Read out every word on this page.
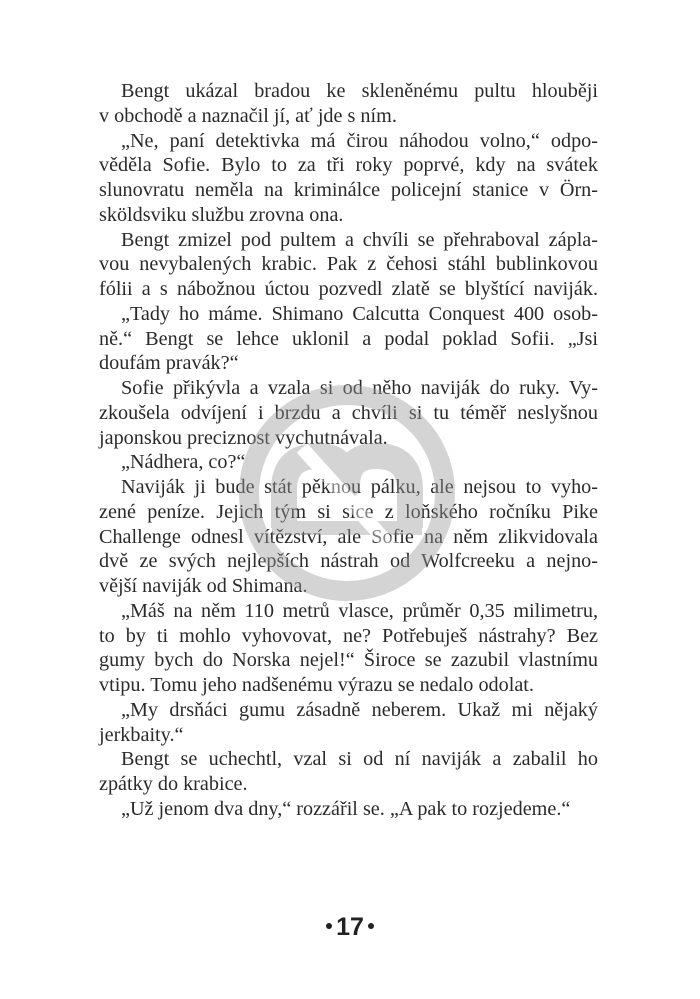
Bengt ukázal bradou ke skleněnému pultu hlouběji
v obchodě a naznačil jí, ať jde s ním.
„Ne, paní detektivka má čirou náhodou volno,“ odpo-
věděla Sofie. Bylo to za tři roky poprvé, kdy na svátek
slunovratu neměla na kriminálce policejní stanice v Örn-
sköldsviku službu zrovna ona.
Bengt zmizel pod pultem a chvíli se přehraboval zápla-
vou nevybalených krabic. Pak z čehosi stáhl bublinkovou
fólii a s nábožnou úctou pozvedl zlatě se blyštící naviják.
„Tady ho máme. Shimano Calcutta Conquest 400 osob-
ně.“ Bengt se lehce uklonil a podal poklad Sofii. „Jsi
doufám pravák?“
Sofie přikývla a vzala si od něho naviják do ruky. Vy-
zkoušela odvíjení i brzdu a chvíli si tu téměř neslyšnou
japonskou preciznost vychutnávala.
„Nádhera, co?“
Naviják ji bude stát pěknou pálku, ale nejsou to vyho-
zené peníze. Jejich tým si sice z loňského ročníku Pike
Challenge odnesl vítězství, ale Sofie na něm zlikvidovala
dvě ze svých nejlepších nástrah od Wolfcreeku a nejno-
vější naviják od Shimana.
„Máš na něm 110 metrů vlasce, průměr 0,35 milimetru,
to by ti mohlo vyhovovat, ne? Potřebuješ nástrahy? Bez
gumy bych do Norska nejel!“ Široce se zazubil vlastnímu
vtipu. Tomu jeho nadšenému výrazu se nedalo odolat.
„My drsňáci gumu zásadně neberem. Ukaž mi nějaký
jerkbaity.“
Bengt se uchechtl, vzal si od ní naviják a zabalil ho
zpátky do krabice.
„Už jenom dva dny,“ rozzářil se. „A pak to rozjedeme.“
17
